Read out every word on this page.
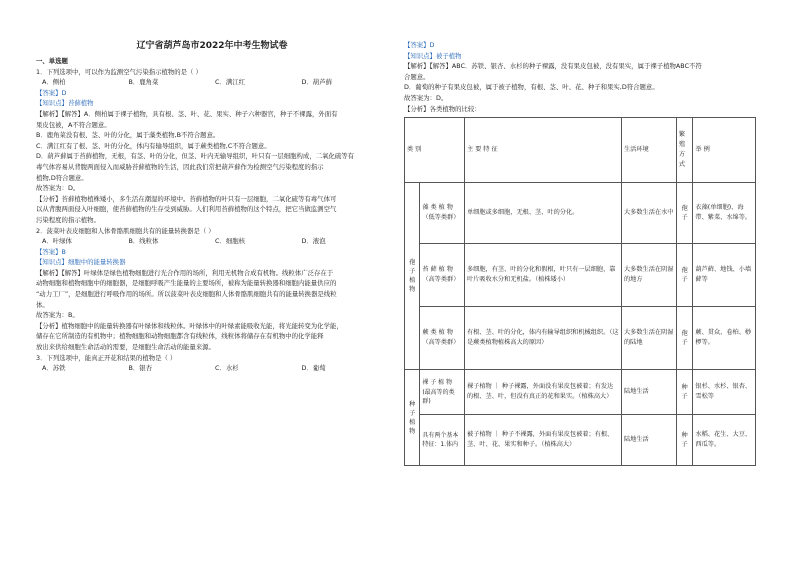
辽宁省葫芦岛市2022年中考生物试卷

一、单选题

1．下列选项中，可以作为监测空气污染指示植物的是（ ）

A．侧柏	B．鹿角菜	C．满江红	D．葫芦藓

【答案】D

【知识点】苔藓植物

【解析】【解答】A．侧柏属于裸子植物，具有根、茎、叶、花、果实、种子六种器官，种子不裸露，外面有

果皮包被，A不符合题意。

B．鹿角菜没有根、茎、叶的分化，属于藻类植物,B不符合题意。

C．满江红有了根、茎、叶的分化，体内有输导组织，属于蕨类植物,C不符合题意。

D．葫芦藓属于苔藓植物，无根，有茎、叶的分化，但茎、叶内无输导组织，叶只有一层细胞构成，二氧化硫等有

毒气体容易从背腹两面侵入而威胁苔藓植物的生活，因此我们常把葫芦藓作为检测空气污染程度的指示

植物,D符合题意。

故答案为：D。

【分析】苔藓植物植株矮小，多生活在潮湿的环境中。苔藓植物的叶只有一层细胞，二氧化硫等有毒气体可

以从背腹两面侵入叶细胞，使苔藓植物的生存受到威胁。人们利用苔藓植物的这个特点，把它当做监测空气

污染程度的指示植物。

2．菠菜叶表皮细胞和人体骨骼肌细胞共有的能量转换器是（ ）

A．叶绿体	B．线粒体	C．细胞核	D．液泡

【答案】B

【知识点】细胞中的能量转换器

【解析】【解答】叶绿体是绿色植物细胞进行光合作用的场所，利用无机物合成有机物。线粒体广泛存在于

动物细胞和植物细胞中的细胞器，是细胞呼吸产生能量的主要场所，被称为能量转换器和细胞内能量供应的

“动力工厂”，是细胞进行呼吸作用的场所。所以菠菜叶表皮细胞和人体骨骼肌细胞共有的能量转换器是线粒

体。

故答案为：B。

【分析】植物细胞中的能量转换器有叶绿体和线粒体。叶绿体中的叶绿素能吸收光能，将光能转变为化学能，

储存在它所制造的有机物中；植物细胞和动物细胞都含有线粒体，线粒体将储存在有机物中的化学能释

放出来供给细胞生命活动的需要，是细胞生命活动的能量来源。

3．下列选项中，能真正开花和结果的植物是（ ）

A．苏铁	B．银杏	C．水杉	D．葡萄

【答案】D

【知识点】被子植物

【解析】【解答】ABC．苏铁、银杏、水杉的种子裸露，没有果皮包被，没有果实，属于裸子植物ABC不符

合题意。

D．葡萄的种子有果皮包被，属于被子植物，有根、茎、叶、花、种子和果实,D符合题意。

故答案为：D。

【分析】各类植物的比较：

类 别		主 要 特 征	生活环境	繁殖方式	举 例
孢子植物	藻 类 植 物 （低等类群）	单细胞或多细胞，无根、茎、叶的分化。	大多数生活在水中	孢子	衣藻(单细胞)、海带、紫菜、水绵等。
	苔 藓 植 物 （高等类群）	多细胞，有茎、叶的分化和假根，叶只有一层细胞，靠叶片吸收水分和无机盐。（植株矮小）	大多数生活在阴湿的地方	孢子	葫芦藓、地钱、小墙藓等
	蕨 类 植 物 （高等类群）	有根、茎、叶的分化，体内有输导组织和机械组织。（这是蕨类植物植株高大的原因）	大多数生活在阴湿的陆地	孢子	蕨、贯众、卷柏、桫椤等。
种子植物	裸 子 植 物 (最高等的类群)	裸子植物 ｜ 种子裸露，外面没有果皮包被着；有发达的根、茎、叶，但没有真正的花和果实。（植株高大）	陆地生活	种子	银杉、水杉、银杏、雪松等
	具有两个基本特征：1.体内	被子植物 ｜ 种子不裸露，外面有果皮包被着；有根、茎、叶、花、果实和种子。（植株高大）	陆地生活	种子	水稻、花生、大豆、西瓜等。
